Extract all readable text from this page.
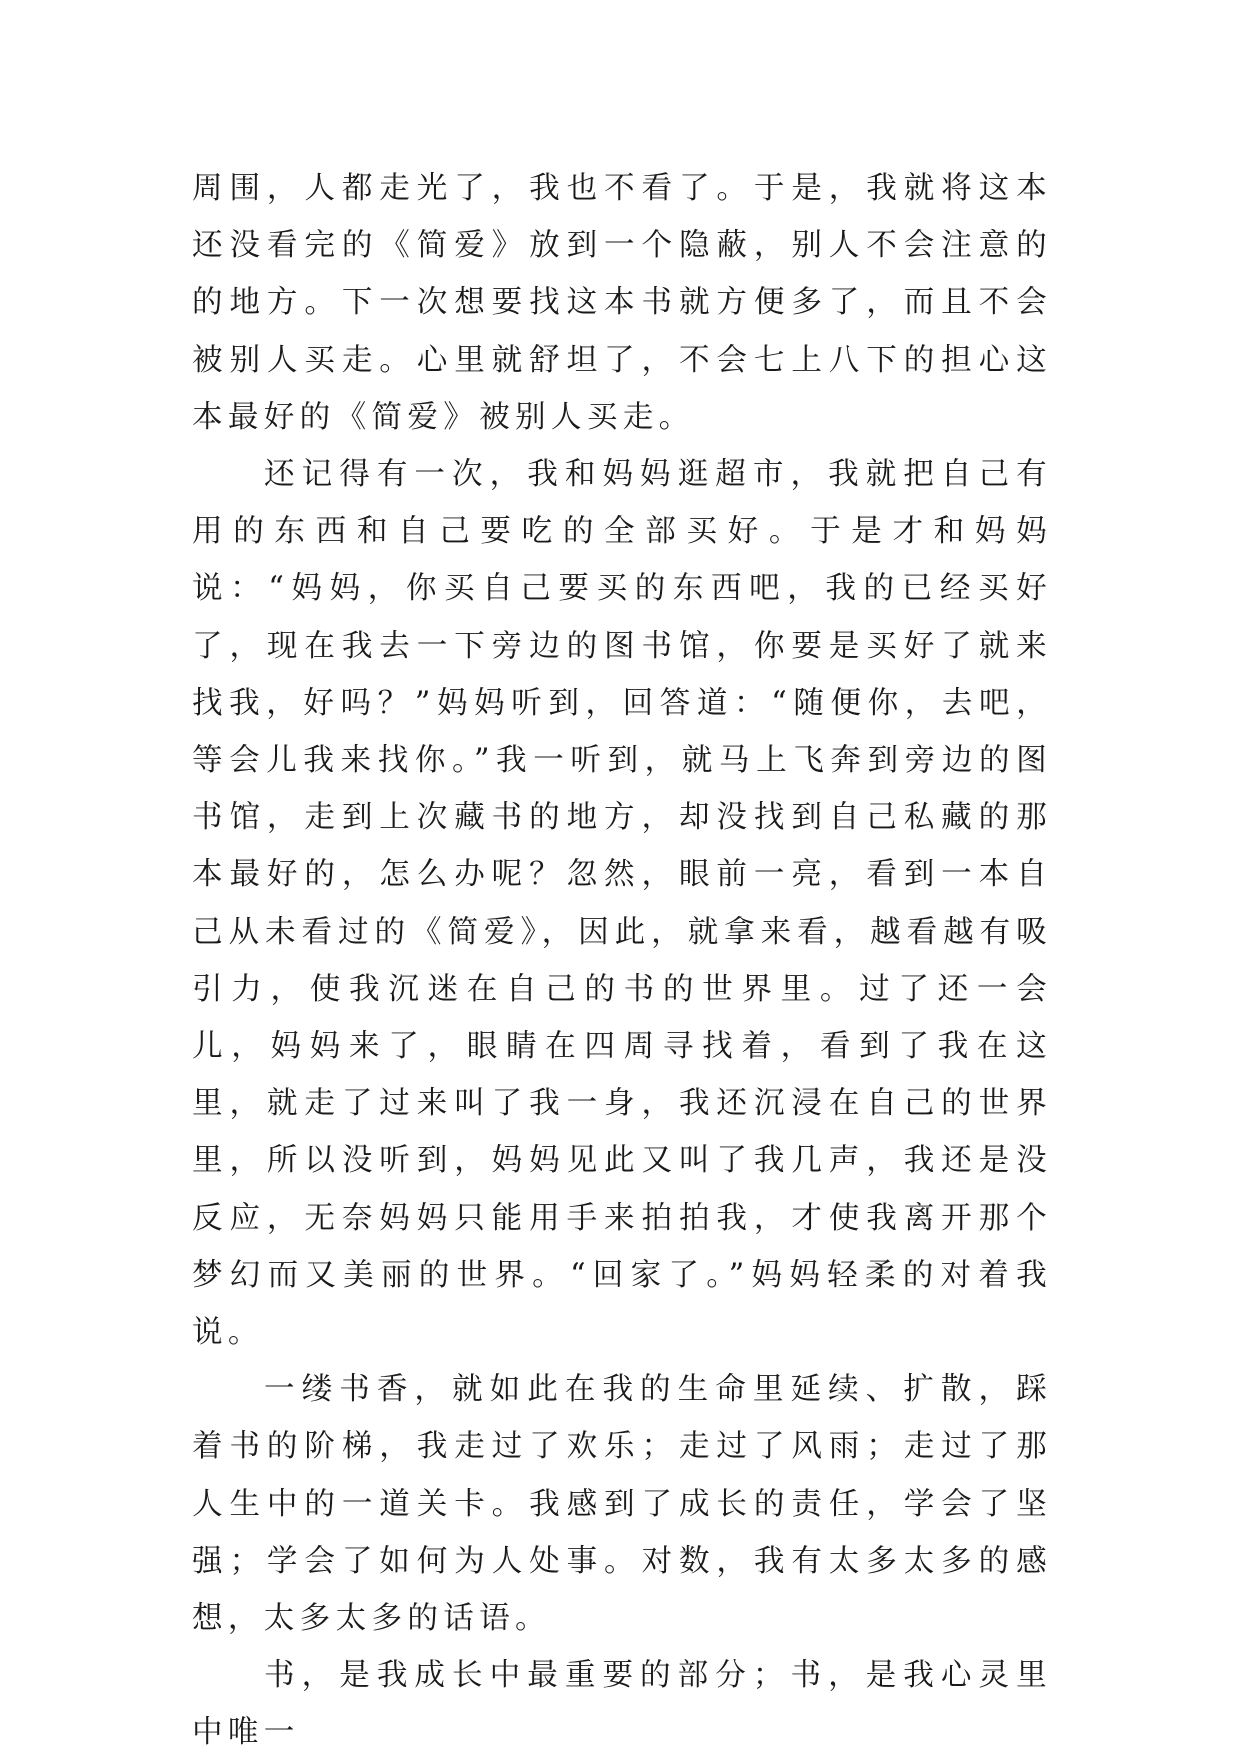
周围，人都走光了，我也不看了。于是，我就将这本还没看完的《简爱》放到一个隐蔽，别人不会注意的的地方。下一次想要找这本书就方便多了，而且不会被别人买走。心里就舒坦了，不会七上八下的担心这本最好的《简爱》被别人买走。

还记得有一次，我和妈妈逛超市，我就把自己有用的东西和自己要吃的全部买好。于是才和妈妈说：“妈妈，你买自己要买的东西吧，我的已经买好了，现在我去一下旁边的图书馆，你要是买好了就来找我，好吗？”妈妈听到，回答道：“随便你，去吧，等会儿我来找你。”我一听到，就马上飞奔到旁边的图书馆，走到上次藏书的地方，却没找到自己私藏的那本最好的，怎么办呢？忽然，眼前一亮，看到一本自己从未看过的《简爱》，因此，就拿来看，越看越有吸引力，使我沉迷在自己的书的世界里。过了还一会儿，妈妈来了，眼睛在四周寻找着，看到了我在这里，就走了过来叫了我一身，我还沉浸在自己的世界里，所以没听到，妈妈见此又叫了我几声，我还是没反应，无奈妈妈只能用手来拍拍我，才使我离开那个梦幻而又美丽的世界。“回家了。”妈妈轻柔的对着我说。

一缕书香，就如此在我的生命里延续、扩散，踩着书的阶梯，我走过了欢乐；走过了风雨；走过了那人生中的一道关卡。我感到了成长的责任，学会了坚强；学会了如何为人处事。对数，我有太多太多的感想，太多太多的话语。

书，是我成长中最重要的部分；书，是我心灵里中唯一
